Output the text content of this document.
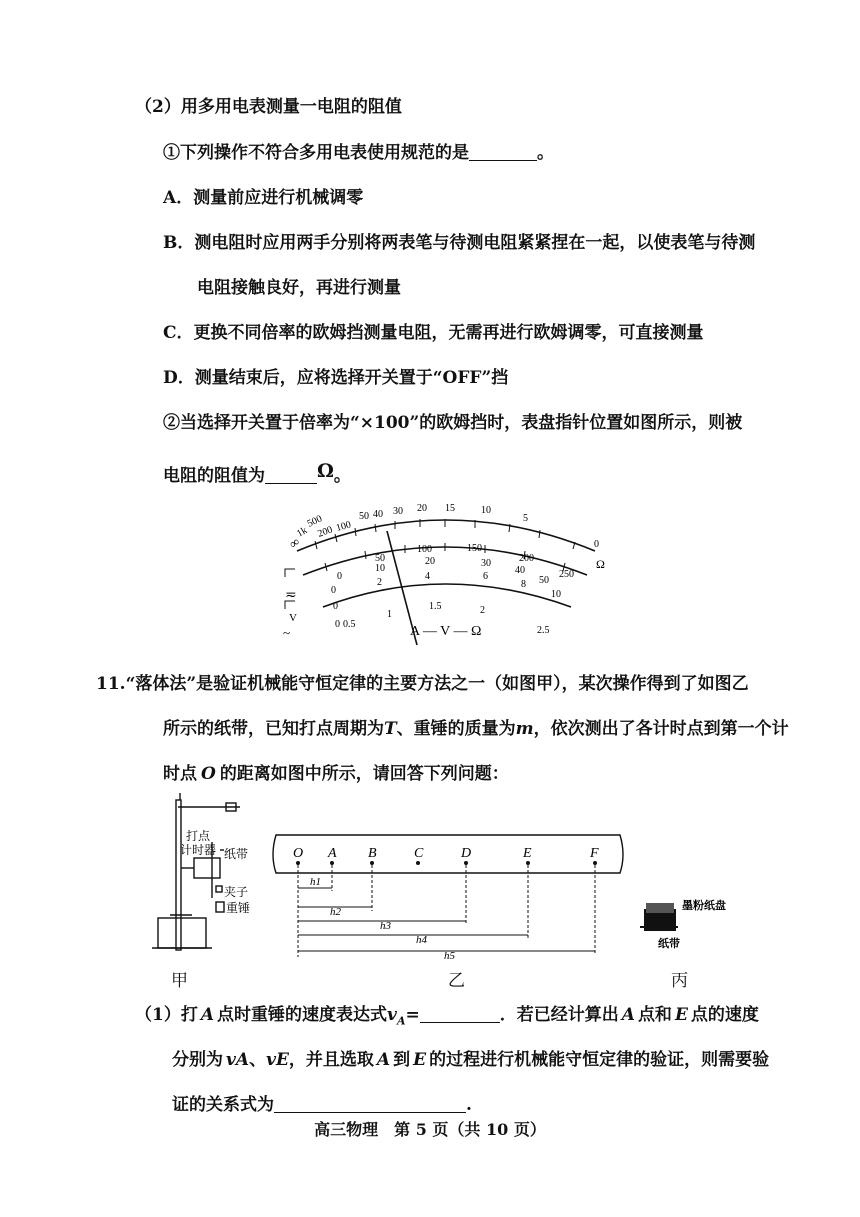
（2）用多用电表测量一电阻的阻值
①下列操作不符合多用电表使用规范的是	。
A．测量前应进行机械调零
B．测电阻时应用两手分别将两表笔与待测电阻紧紧捏在一起，以使表笔与待测
电阻接触良好，再进行测量
C．更换不同倍率的欧姆挡测量电阻，无需再进行欧姆调零，可直接测量
D．测量结束后，应将选择开关置于“OFF”挡
②当选择开关置于倍率为“×100”的欧姆挡时，表盘指针位置如图所示，则被
电阻的阻值为	Ω。
∞
1k
500
200 100
50 40 30 20 15	10
5
0
Ω
10
20	30
40
50
50
100	150
200
250
2
4	6
8
10
0
0
0
0 0.5
1
1.5	2
2.5
≂
V
~	A — V — Ω
11.“落体法”是验证机械能守恒定律的主要方法之一（如图甲），某次操作得到了如图乙
所示的纸带，已知打点周期为T、重锤的质量为m，依次测出了各计时点到第一个计
时点 O 的距离如图中所示，请回答下列问题：
打点
计时器 纸带
夹子
重锤
O A B	C	D	E	F
h1
h2
h3
h4
h5
墨粉纸盘
纸带
甲	乙	丙
（1）打 A 点时重锤的速度表达式$v_A=$	．若已经计算出 A 点和 E 点的速度
分别为 vA、vE，并且选取 A 到 E 的过程进行机械能守恒定律的验证，则需要验
证的关系式为	.
高三物理　第 5 页（共 10 页）
